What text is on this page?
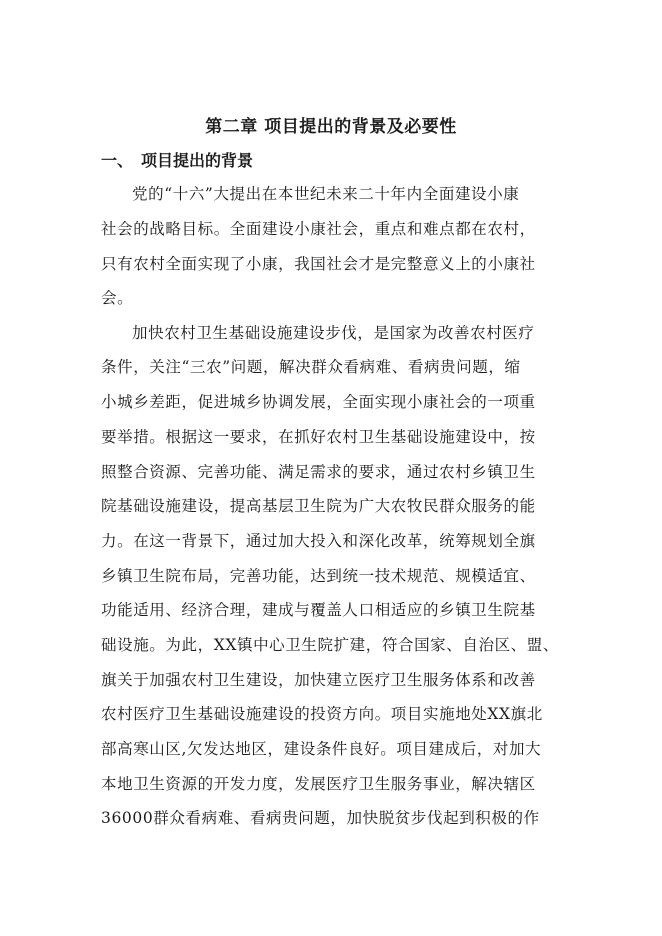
第二章 项目提出的背景及必要性
一、 项目提出的背景
党的“十六”大提出在本世纪未来二十年内全面建设小康
社会的战略目标。全面建设小康社会，重点和难点都在农村，
只有农村全面实现了小康，我国社会才是完整意义上的小康社
会。
加快农村卫生基础设施建设步伐，是国家为改善农村医疗
条件，关注“三农”问题，解决群众看病难、看病贵问题，缩
小城乡差距，促进城乡协调发展，全面实现小康社会的一项重
要举措。根据这一要求，在抓好农村卫生基础设施建设中，按
照整合资源、完善功能、满足需求的要求，通过农村乡镇卫生
院基础设施建设，提高基层卫生院为广大农牧民群众服务的能
力。在这一背景下，通过加大投入和深化改革，统筹规划全旗
乡镇卫生院布局，完善功能，达到统一技术规范、规模适宜、
功能适用、经济合理，建成与覆盖人口相适应的乡镇卫生院基
础设施。为此，XX镇中心卫生院扩建，符合国家、自治区、盟、
旗关于加强农村卫生建设，加快建立医疗卫生服务体系和改善
农村医疗卫生基础设施建设的投资方向。项目实施地处XX旗北
部高寒山区,欠发达地区，建设条件良好。项目建成后，对加大
本地卫生资源的开发力度，发展医疗卫生服务事业，解决辖区
36000群众看病难、看病贵问题，加快脱贫步伐起到积极的作
